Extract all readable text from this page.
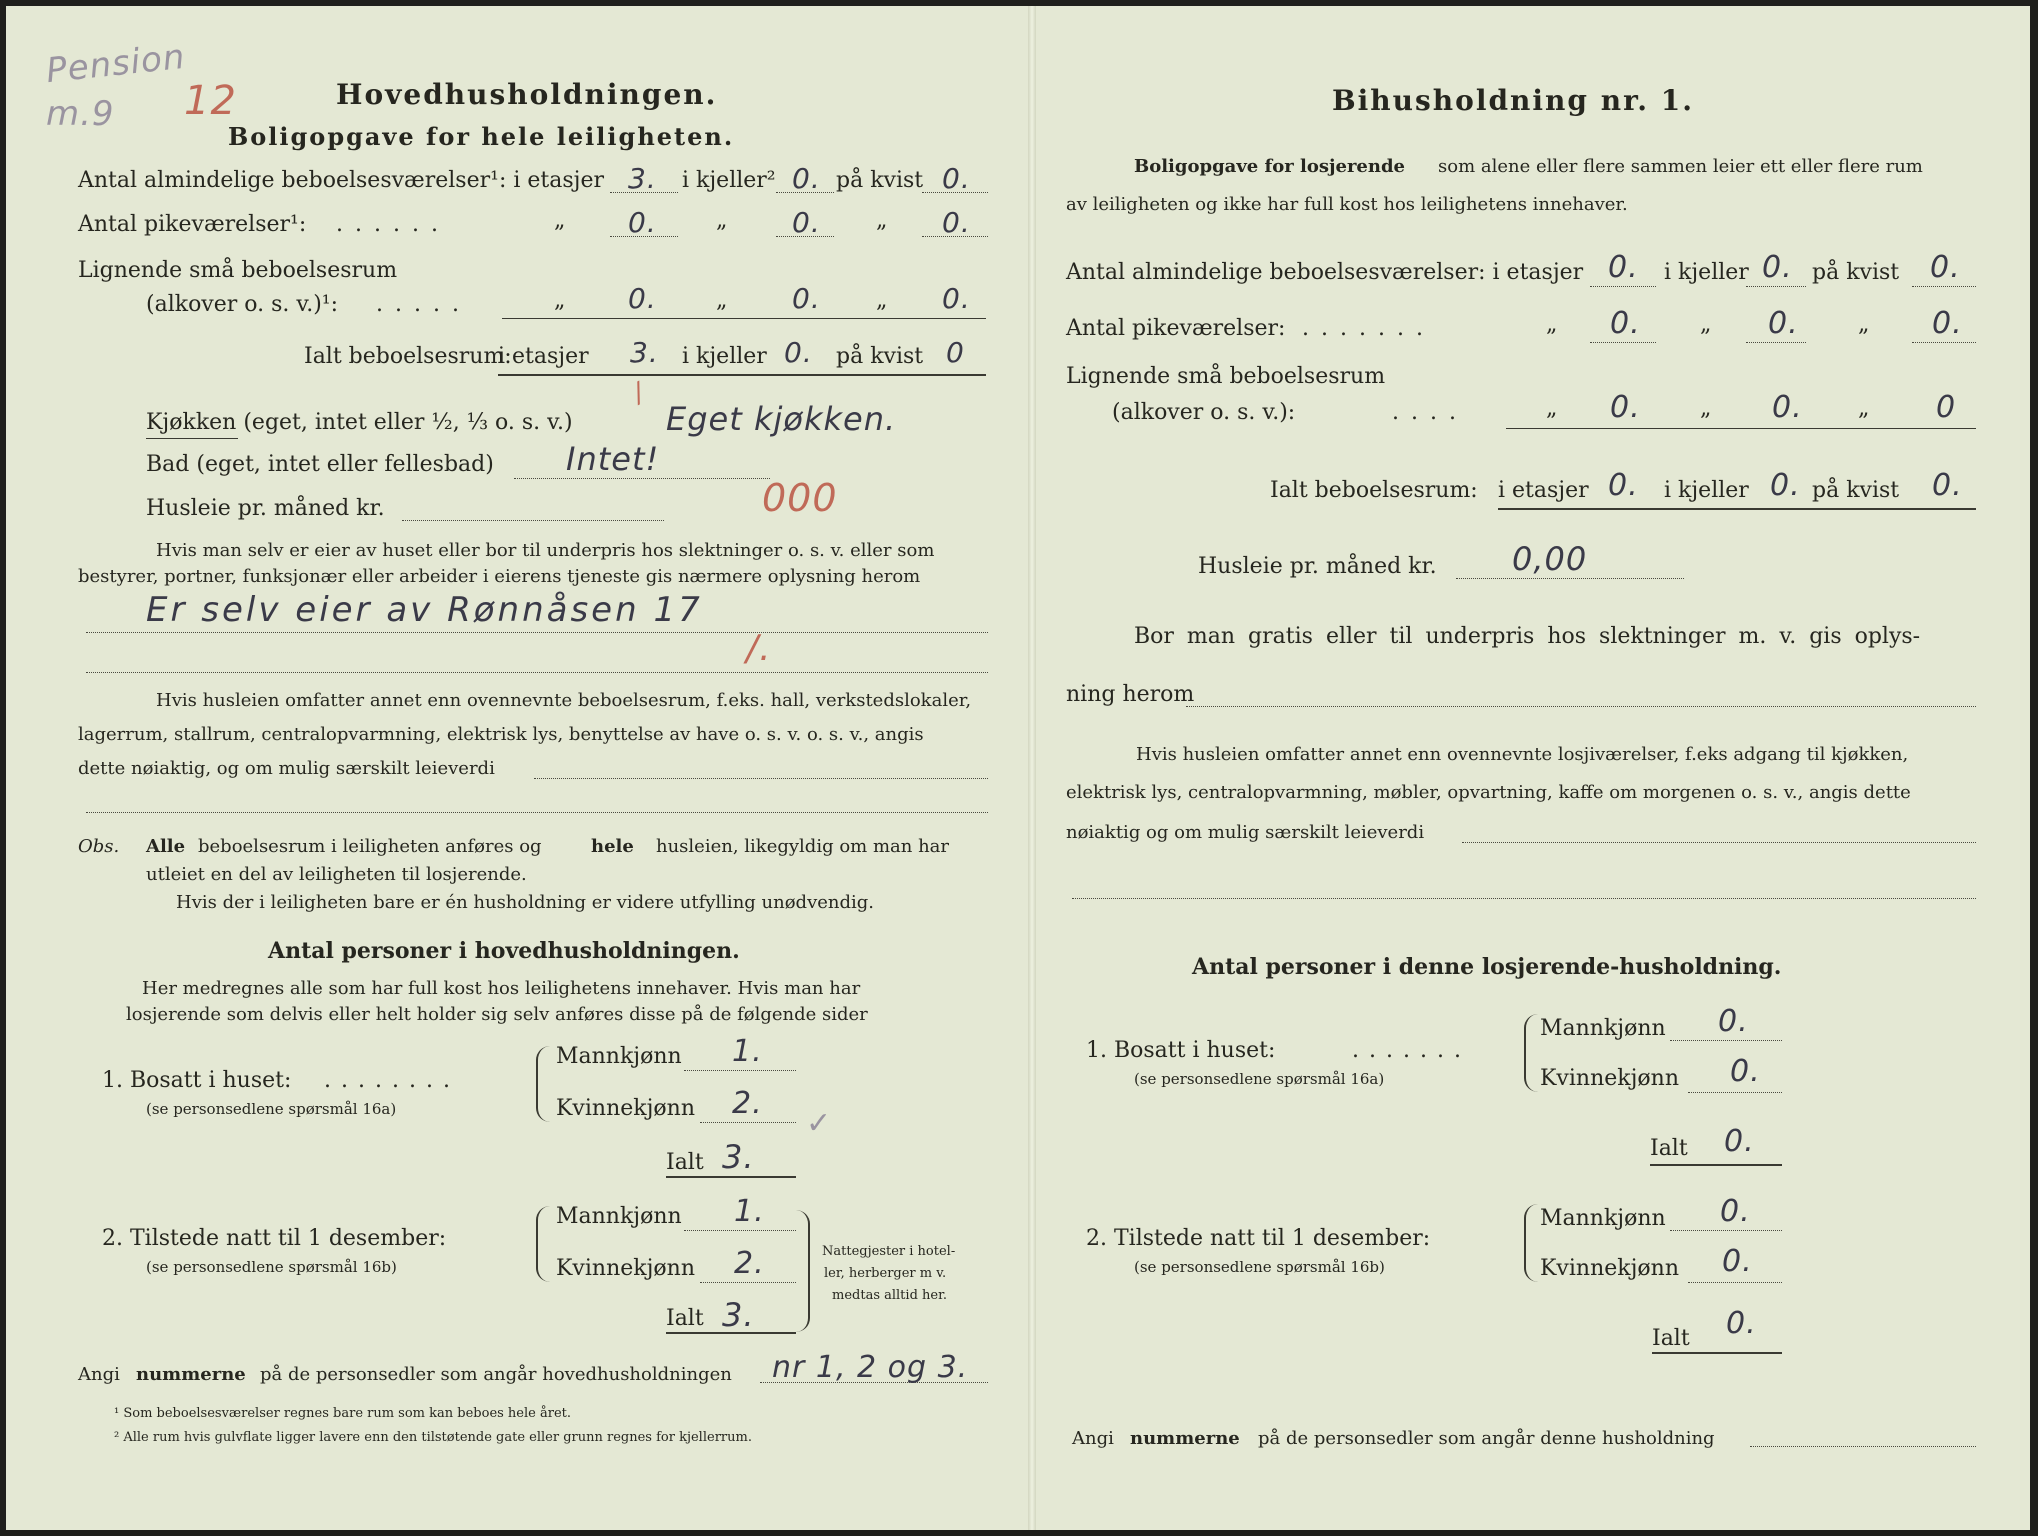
Pension
m.9 12	Hovedhusholdningen.
Boligopgave for hele leiligheten.
Antal almindelige beboelsesværelser¹: i etasjer 3. i kjeller² 0. på kvist 0.
Antal pikeværelser¹: ......	„ 0.	„ 0.	„ 0.
Lignende små beboelsesrum
(alkover o. s. v.)¹: .....	„ 0.	„ 0.	„ 0.
Ialt beboelsesrum:
i etasjer 3. i kjeller 0. på kvist 0
Kjøkken (eget, intet eller ½, ⅓ o. s. v.)
/
Eget kjøkken.
Bad (eget, intet eller fellesbad) Intet!
Husleie pr. måned kr.	000
Hvis man selv er eier av huset eller bor til underpris hos slektninger o. s. v. eller som
bestyrer, portner, funksjonær eller arbeider i eierens tjeneste gis nærmere oplysning herom
Er selv eier av Rønnåsen 17
/.
Hvis husleien omfatter annet enn ovennevnte beboelsesrum, f.eks. hall, verkstedslokaler,
lagerrum, stallrum, centralopvarmning, elektrisk lys, benyttelse av have o. s. v. o. s. v., angis
dette nøiaktig, og om mulig særskilt leieverdi
Obs. Alle beboelsesrum i leiligheten anføres og	hele husleien, likegyldig om man har
utleiet en del av leiligheten til losjerende.
Hvis der i leiligheten bare er én husholdning er videre utfylling unødvendig.
Antal personer i hovedhusholdningen.
Her medregnes alle som har full kost hos leilighetens innehaver. Hvis man har
losjerende som delvis eller helt holder sig selv anføres disse på de følgende sider
1. Bosatt i huset: ........
(se personsedlene spørsmål 16a)
Mannkjønn 1.
Kvinnekjønn 2.
✓
Ialt 3.
2. Tilstede natt til 1 desember:
(se personsedlene spørsmål 16b)
Mannkjønn 1.
Kvinnekjønn 2.	Nattegjester i hotel-
ler, herberger m v.
medtas alltid her.
Ialt 3.
Angi nummerne på de personsedler som angår hovedhusholdningen nr 1, 2 og 3.
¹ Som beboelsesværelser regnes bare rum som kan beboes hele året.
² Alle rum hvis gulvflate ligger lavere enn den tilstøtende gate eller grunn regnes for kjellerrum.
Bihusholdning nr. 1.
Boligopgave for losjerende som alene eller flere sammen leier ett eller flere rum
av leiligheten og ikke har full kost hos leilighetens innehaver.
Antal almindelige beboelsesværelser: i etasjer 0. i kjeller 0. på kvist 0.
Antal pikeværelser: .......	„ 0.	„ 0.	„ 0.
Lignende små beboelsesrum
(alkover o. s. v.):	....	„ 0.	„ 0.	„ 0
Ialt beboelsesrum: i etasjer 0. i kjeller 0. på kvist 0.
Husleie pr. måned kr. 0,00
Bor man gratis eller til underpris hos slektninger m. v. gis oplys-
ning herom
Hvis husleien omfatter annet enn ovennevnte losjiværelser, f.eks adgang til kjøkken,
elektrisk lys, centralopvarmning, møbler, opvartning, kaffe om morgenen o. s. v., angis dette
nøiaktig og om mulig særskilt leieverdi
Antal personer i denne losjerende-husholdning.
1. Bosatt i huset:	.......
(se personsedlene spørsmål 16a)
Mannkjønn 0.
Kvinnekjønn 0.
Ialt 0.
2. Tilstede natt til 1 desember:
(se personsedlene spørsmål 16b)
Mannkjønn 0.
Kvinnekjønn 0.
Ialt 0.
Angi nummerne på de personsedler som angår denne husholdning
